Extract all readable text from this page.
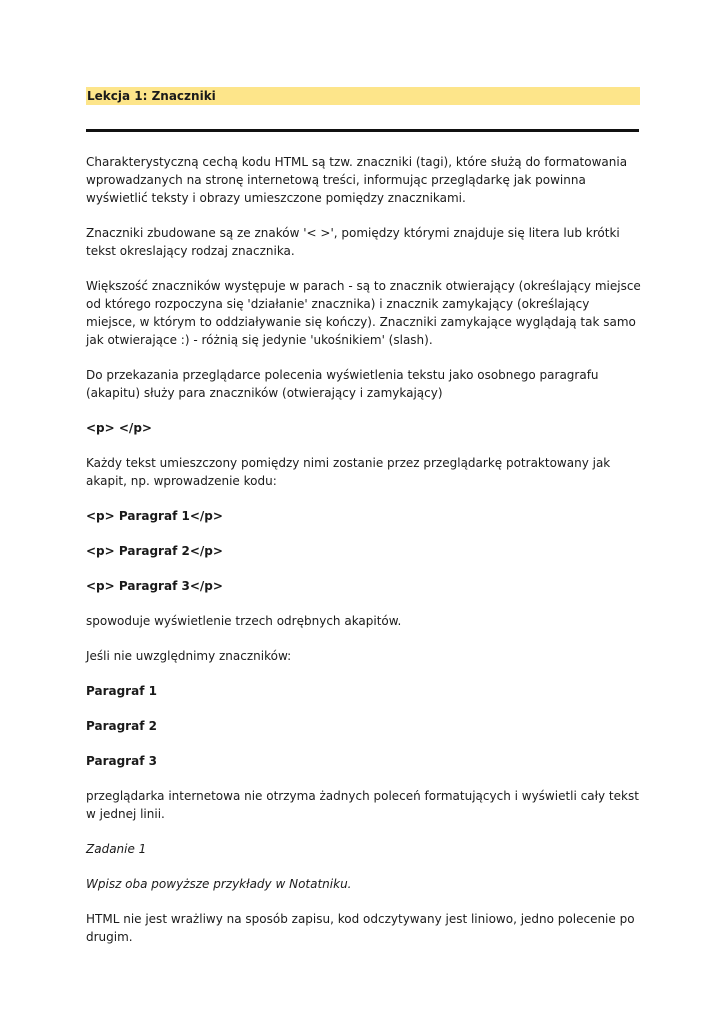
Lekcja 1: Znaczniki

Charakterystyczną cechą kodu HTML są tzw. znaczniki (tagi), które służą do formatowania wprowadzanych na stronę internetową treści, informując przeglądarkę jak powinna wyświetlić teksty i obrazy umieszczone pomiędzy znacznikami.

Znaczniki zbudowane są ze znaków '< >', pomiędzy którymi znajduje się litera lub krótki tekst okreslający rodzaj znacznika.

Większość znaczników występuje w parach - są to znacznik otwierający (określający miejsce od którego rozpoczyna się 'działanie' znacznika) i znacznik zamykający (określający miejsce, w którym to oddziaływanie się kończy). Znaczniki zamykające wyglądają tak samo jak otwierające :) - różnią się jedynie 'ukośnikiem' (slash).

Do przekazania przeglądarce polecenia wyświetlenia tekstu jako osobnego paragrafu (akapitu) służy para znaczników (otwierający i zamykający)

<p> </p>

Każdy tekst umieszczony pomiędzy nimi zostanie przez przeglądarkę potraktowany jak akapit, np. wprowadzenie kodu:

<p> Paragraf 1</p>

<p> Paragraf 2</p>

<p> Paragraf 3</p>

spowoduje wyświetlenie trzech odrębnych akapitów.

Jeśli nie uwzględnimy znaczników:

Paragraf 1

Paragraf 2

Paragraf 3

przeglądarka internetowa nie otrzyma żadnych poleceń formatujących i wyświetli cały tekst w jednej linii.

Zadanie 1

Wpisz oba powyższe przykłady w Notatniku.

HTML nie jest wrażliwy na sposób zapisu, kod odczytywany jest liniowo, jedno polecenie po drugim.
